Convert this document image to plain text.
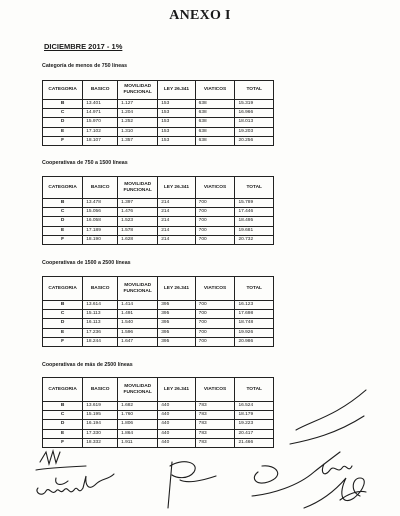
ANEXO I
DICIEMBRE 2017 - 1%
Categoría de menos de 750 líneas
CATEGORIA	BASICO	MOVILIDAD FUNCIONAL	LEY 26.341	VIATICOS	TOTAL
B	13.401	1.127	153	638	15.319
C	14.971	1.204	153	638	16.966
D	15.970	1.252	153	638	18.013
E	17.102	1.310	153	638	19.203
F	18.107	1.357	153	638	20.256
Cooperativas de 750 a 1500 líneas
CATEGORIA	BASICO	MOVILIDAD FUNCIONAL	LEY 26.341	VIATICOS	TOTAL
B	13.478	1.397	214	700	15.789
C	15.056	1.476	214	700	17.446
D	16.058	1.523	214	700	18.495
E	17.189	1.578	214	700	19.681
F	18.190	1.628	214	700	20.732
Cooperativas de 1500 a 2500 líneas
CATEGORIA	BASICO	MOVILIDAD FUNCIONAL	LEY 26.341	VIATICOS	TOTAL
B	13.614	1.414	395	700	16.123
C	15.113	1.491	395	700	17.698
D	16.113	1.540	395	700	18.748
E	17.236	1.596	395	700	19.926
F	18.244	1.647	395	700	20.986
Cooperativas de más de 2500 líneas
CATEGORIA	BASICO	MOVILIDAD FUNCIONAL	LEY 26.341	VIATICOS	TOTAL
B	13.619	1.682	440	783	16.524
C	15.195	1.760	440	783	18.179
D	16.194	1.806	440	783	19.223
E	17.330	1.864	440	783	20.417
F	18.332	1.911	440	783	21.466
